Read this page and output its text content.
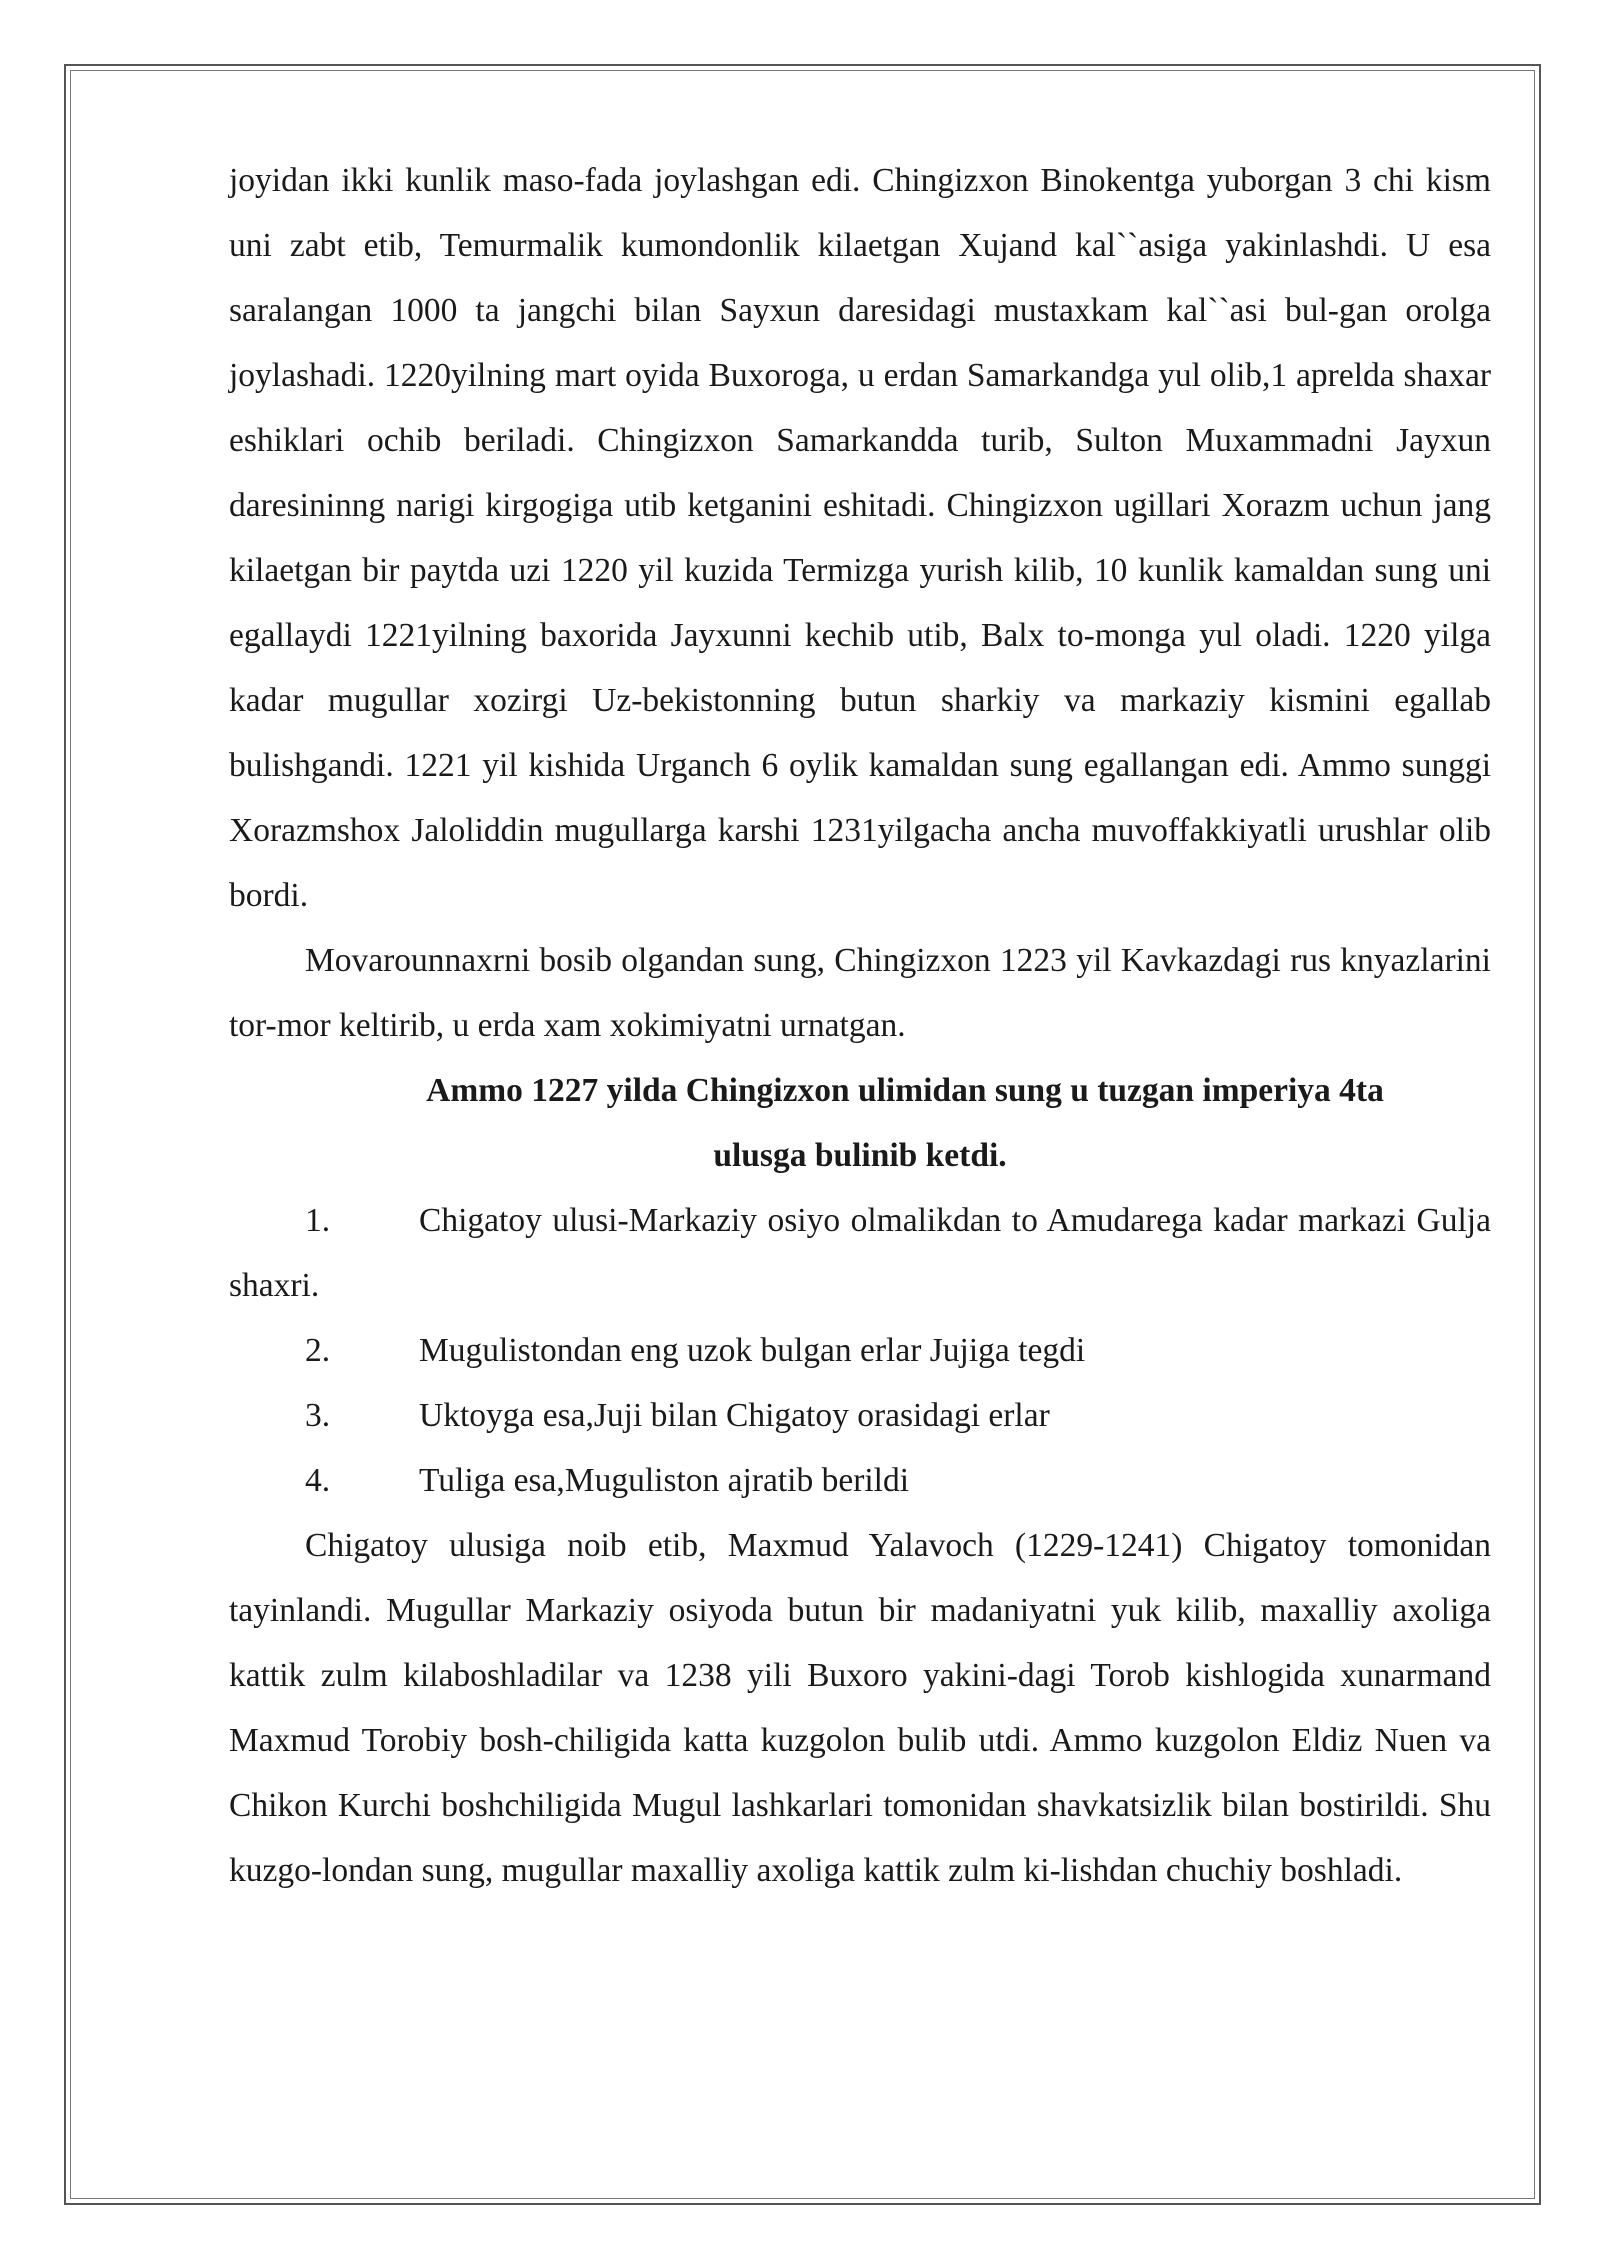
joyidan ikki kunlik maso-fada joylashgan edi. Chingizxon Binokentga yuborgan 3 chi kism uni zabt etib, Temurmalik kumondonlik kilaetgan Xujand kal``asiga yakinlashdi. U esa saralangan 1000 ta jangchi bilan Sayxun daresidagi mustaxkam kal``asi bul-gan orolga joylashadi. 1220yilning mart oyida Buxoroga, u erdan Samarkandga yul olib,1 aprelda shaxar eshiklari ochib beriladi. Chingizxon Samarkandda turib, Sulton Muxammadni Jayxun daresininng narigi kirgogiga utib ketganini eshitadi. Chingizxon ugillari Xorazm uchun jang kilaetgan bir paytda uzi 1220 yil kuzida Termizga yurish kilib, 10 kunlik kamaldan sung uni egallaydi 1221yilning baxorida Jayxunni kechib utib, Balx to-monga yul oladi. 1220 yilga kadar mugullar xozirgi Uz-bekistonning butun sharkiy va markaziy kismini egallab bulishgandi. 1221 yil kishida Urganch 6 oylik kamaldan sung egallangan edi. Ammo sunggi Xorazmshox Jaloliddin mugullarga karshi 1231yilgacha ancha muvoffakkiyatli urushlar olib bordi.

Movarounnaxrni bosib olgandan sung, Chingizxon 1223 yil Kavkazdagi rus knyazlarini tor-mor keltirib, u erda xam xokimiyatni urnatgan.

Ammo 1227 yilda Chingizxon ulimidan sung u tuzgan imperiya 4ta

ulusga bulinib ketdi.

1.	Chigatoy ulusi-Markaziy osiyo olmalikdan to Amudarega kadar markazi Gulja shaxri.
2.	Mugulistondan eng uzok bulgan erlar Jujiga tegdi
3.	Uktoyga esa,Juji bilan Chigatoy orasidagi erlar
4.	Tuliga esa,Muguliston ajratib berildi

Chigatoy ulusiga noib etib, Maxmud Yalavoch (1229-1241) Chigatoy tomonidan tayinlandi. Mugullar Markaziy osiyoda butun bir madaniyatni yuk kilib, maxalliy axoliga kattik zulm kilaboshladilar va 1238 yili Buxoro yakini-dagi Torob kishlogida xunarmand Maxmud Torobiy bosh-chiligida katta kuzgolon bulib utdi. Ammo kuzgolon Eldiz Nuen va Chikon Kurchi boshchiligida Mugul lashkarlari tomonidan shavkatsizlik bilan bostirildi. Shu kuzgo-londan sung, mugullar maxalliy axoliga kattik zulm ki-lishdan chuchiy boshladi.
